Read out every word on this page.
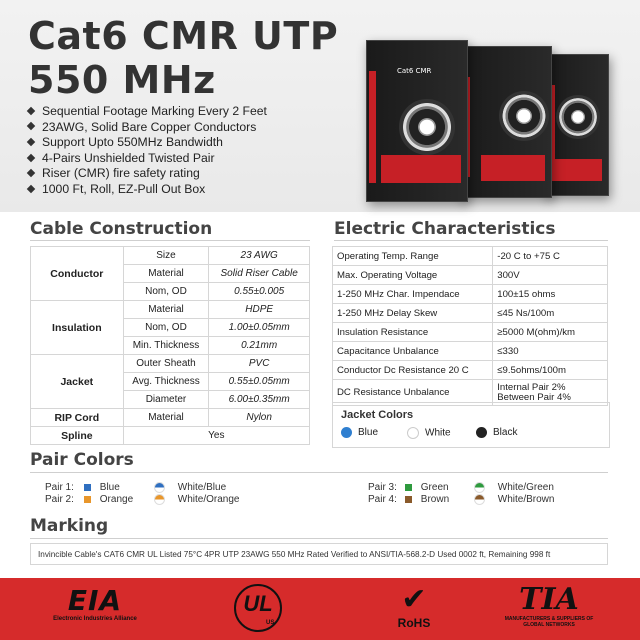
Cat6 CMR UTP
550 MHz
Sequential Footage Marking Every 2 Feet
23AWG, Solid Bare Copper Conductors
Support Upto 550MHz Bandwidth
4-Pairs Unshielded Twisted Pair
Riser (CMR) fire safety rating
1000 Ft, Roll, EZ-Pull Out Box
Cat6 CMR
Cable Construction
Conductor	Size	23 AWG
	Material	Solid Riser Cable
	Nom, OD	0.55±0.005
Insulation	Material	HDPE
	Nom, OD	1.00±0.05mm
	Min. Thickness	0.21mm
Jacket	Outer Sheath	PVC
	Avg. Thickness	0.55±0.05mm
	Diameter	6.00±0.35mm
RIP Cord	Material	Nylon
Spline	Yes	
Electric Characteristics
Operating Temp. Range	-20 C to +75 C
Max. Operating Voltage	300V
1-250 MHz Char. Impendace	100±15 ohms
1-250 MHz Delay Skew	≤45 Ns/100m
Insulation Resistance	≥5000 M(ohm)/km
Capacitance Unbalance	≤330
Conductor Dc Resistance 20 C	≤9.5ohms/100m
DC Resistance Unbalance	Internal Pair 2%
Between Pair 4%
Jacket Colors
Blue	White	Black
Pair Colors
Pair 1:	Blue	White/Blue
Pair 2:	Orange	White/Orange
Pair 3:	Green	White/Green
Pair 4:	Brown	White/Brown
Marking
Invincible Cable's CAT6 CMR UL Listed 75°C 4PR UTP 23AWG 550 MHz Rated Verified to ANSI/TIA-568.2-D Used 0002 ft, Remaining 998 ft
EIA
Electronic Industries Alliance
UL
US
✔
RoHS
TIA
MANUFACTURERS & SUPPLIERS OF GLOBAL NETWORKS
